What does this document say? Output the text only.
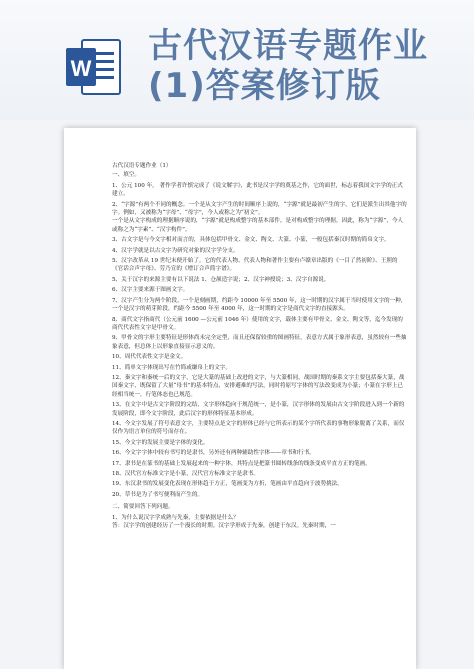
W
古代汉语专题作业
(1)答案修订版

古代汉语专题作业（1）

一、填空。

1、公元 100 年， 著作学者许慎完成了《说文解字》，此书是汉字学的奠基之作，它的面世，标志着我国文字学的正式建立。

2、“字源”有两个不同的概念。一个是从文字产生的时间顺序上说的，“字源”就是最初产生的字，它们是派生出其他字的字。例如，又被称为“字母”、“母字”，今人或称之为“初文”。

一个是从文字构成的理据顺序说的，“字源”就是构成整字的基本部件，是对构成整字的理据。因此，称为“字源”，今人或称之为“字素”、“汉字构件”。

3、古文字是与今文字相对而言的，具体包括甲骨文、金文、陶文、大篆、小篆，一般包括秦汉时期的简帛文字。

4、汉字学就是以古文字为研究对象的汉字学分支。

5、汉字改革从 19 世纪末便开始了。它的代表人物、代表人物和著作主要有卢赣章出版的《一目了然初阶》、王照的《官话合声字母》、劳乃宣的《增订合声简字谱》。

5、关于汉字的来源主要有以下说法 1、仓颉造字说；2、汉字神授说；3、汉字自源说。

6、汉字主要来源于图画文字。

7、汉字产生分为两个阶段，一个是刻画期，约距今 10000 年至 5500 年，这一时期的汉字属于当时使用文字的一种，一个是汉字的萌芽阶段，约距今 5500 年至 4000 年，这一时期的文字是商代文字的直接源头。

8、商代文字指商代（公元前 1600 —公元前 1046 年）使用的文字，载体主要有甲骨文、金文、陶文等，迄今发现的商代代表性文字是甲骨文。

9、甲骨文的字形主要特征是形体尚未完全定型，而且还保留较重的图画特征，表意方式属于象形表意，虽然较有一些抽象表意，但总体上以形象直接显示意义的。

10、周代代表性文字是金文。

11、简单文字体现出写在竹简或缣帛上的文字。

12、秦文字和秦统一后的文字，它是大篆的基础上改进的文字，与大篆相同，战国时期的秦系文字主要包括秦大篆，战国秦文字，既保留了大量“母书”的基本特点，安排避难的写法，同时将原写字体的写法改变成为小篆；小篆在字形上已经相当统一，行笔体态也已规范。

13、在文字中是古文字阶段的完结，文字形体趋向于规范统一，是小篆，汉字形体的发展由古文字阶段进入到一个新的发展阶段，即今文字阶段，此后汉字的形体特征基本形成。

14、今文字发展了符号表意文字，主要特点是文字的形体已经与它所表示的某个字所代表的事物形象脱离了关系，而仅仅作为语言单位的符号而存在。

15、今文字的发展主要是字体的变化。

16、今文字字体中较有书写的是隶书，另外还有两种辅助性字体——章书和行书。

17、隶书是在篆书的基础上发展起来的一种字体，其特点是把篆书圆转线条的线条变成平直方正的笔画。

18、汉代官方标准文字是小篆，汉代官方标准文字是隶书。

19、东汉隶书的发展变化表现在形体趋于方正，笔画变为方折，笔画由平直趋向于波势挑法。

20、草书是为了书写便利而产生的。

二、简要回答下列问题。

1、为什么说汉字学成熟与先秦，主要依据是什么？

答：汉字学的创建经历了一个漫长的时期。汉字学形成于先秦，创建于东汉。先秦时期，一
